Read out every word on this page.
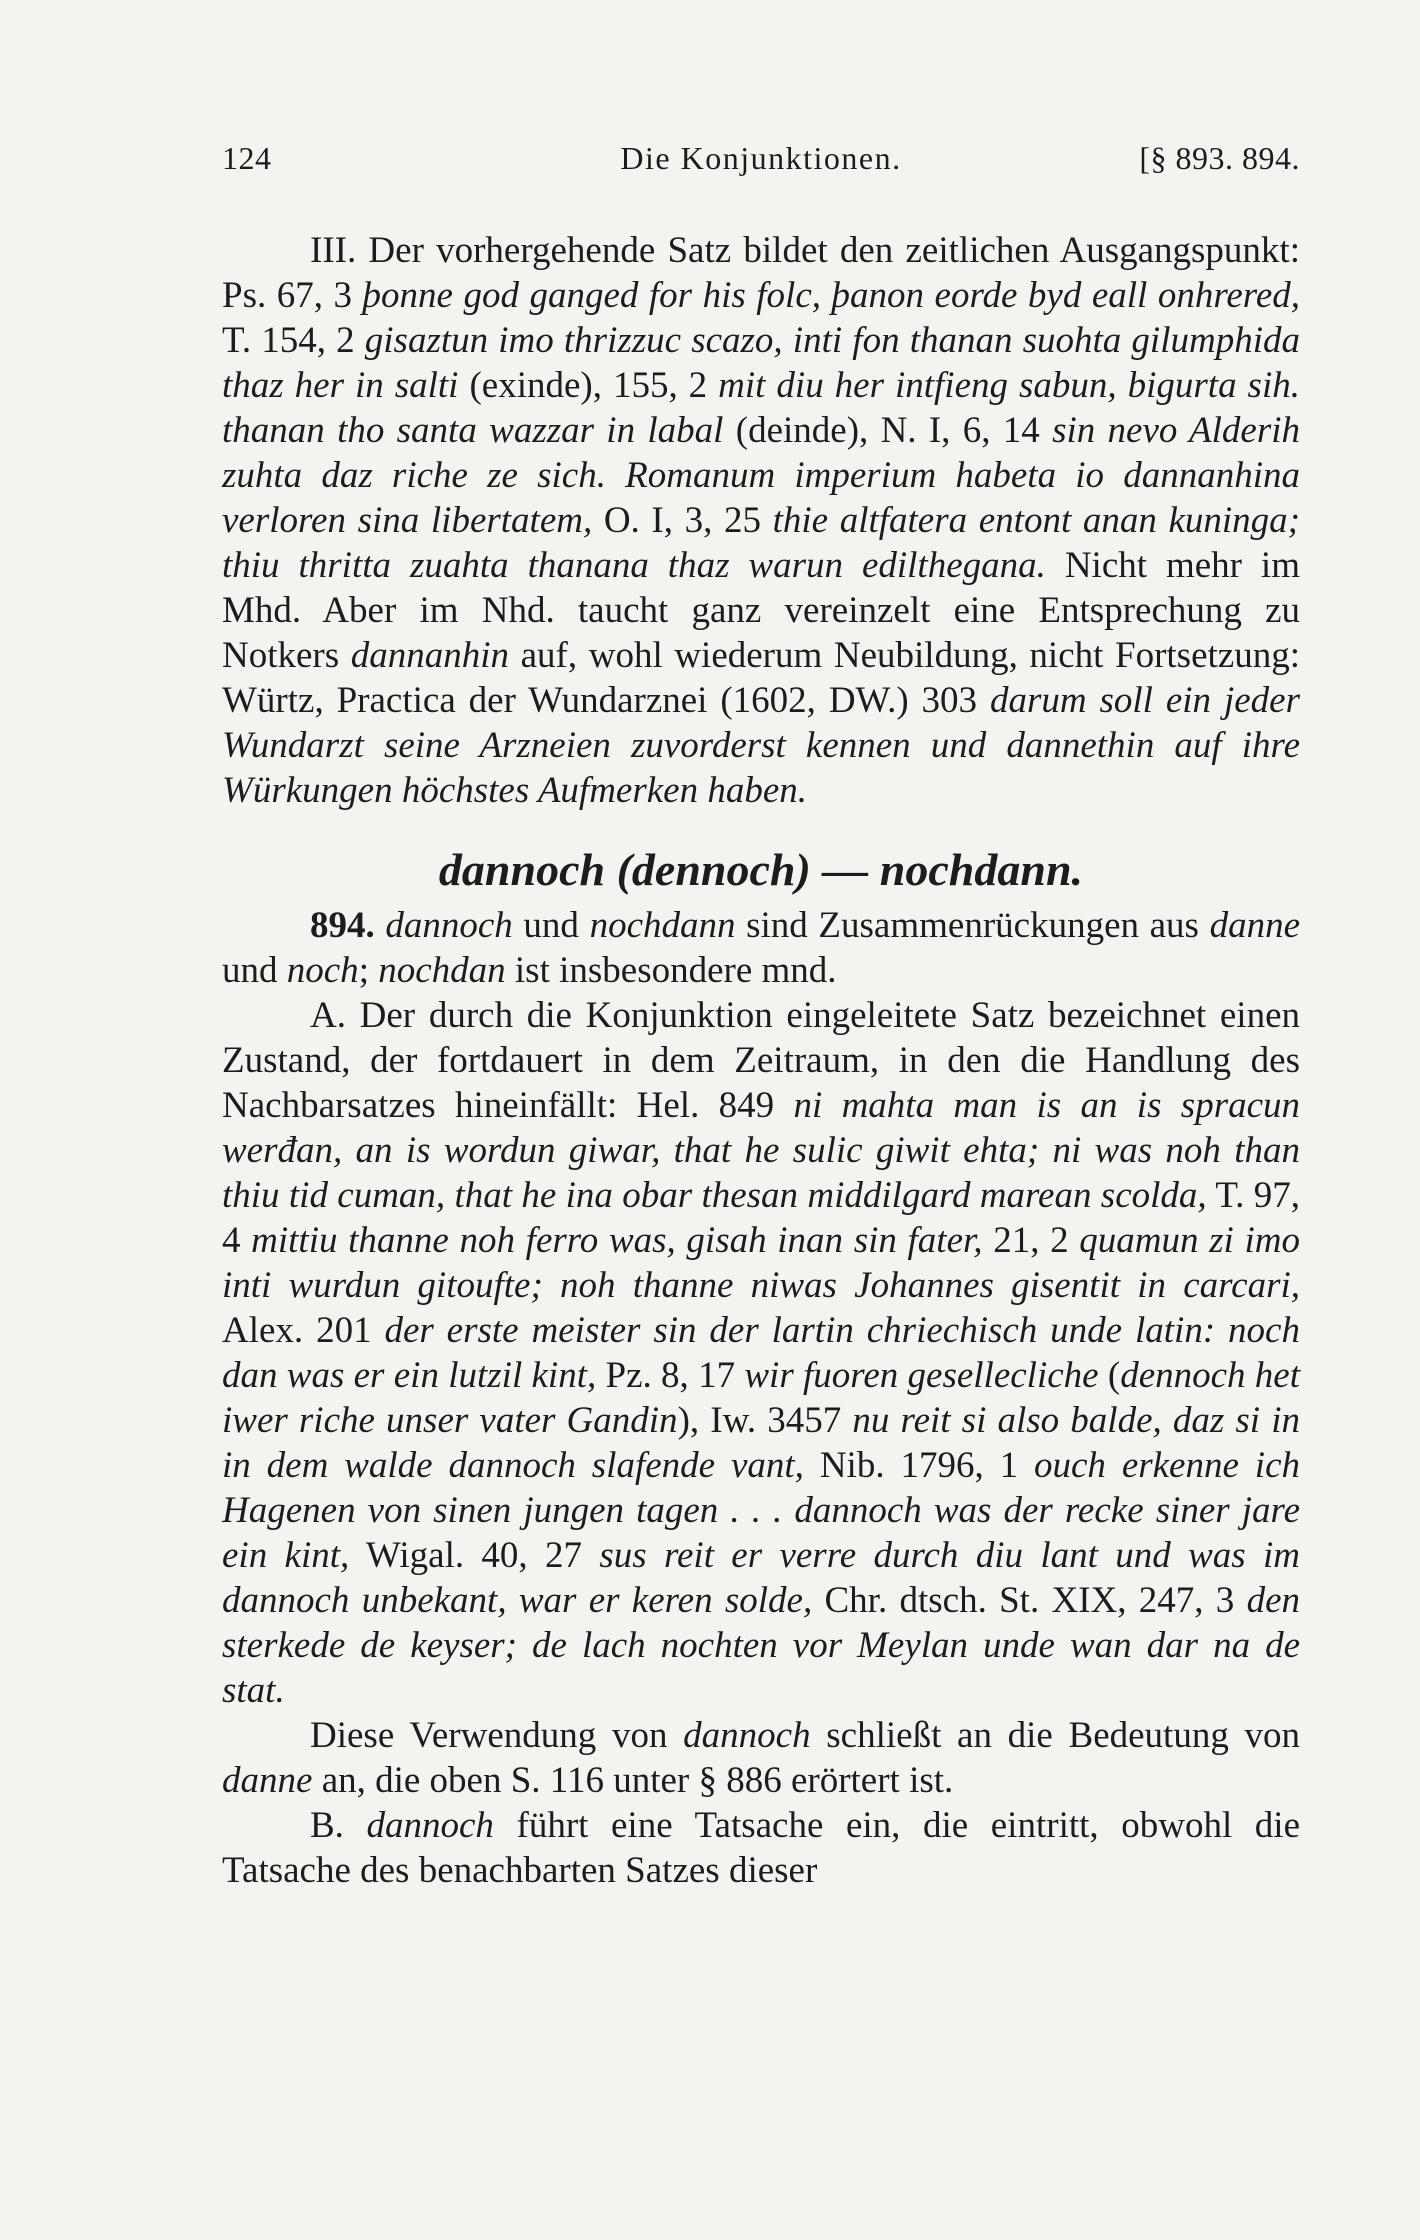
124	Die Konjunktionen.	[§ 893. 894.

III. Der vorhergehende Satz bildet den zeitlichen Ausgangspunkt: Ps. 67, 3 þonne god ganged for his folc, þanon eorde byd eall onhrered, T. 154, 2 gisaztun imo thrizzuc scazo, inti fon thanan suohta gilumphida thaz her in salti (exinde), 155, 2 mit diu her intfieng sabun, bigurta sih. thanan tho santa wazzar in labal (deinde), N. I, 6, 14 sin nevo Alderih zuhta daz riche ze sich. Romanum imperium habeta io dannanhina verloren sina libertatem, O. I, 3, 25 thie altfatera entont anan kuninga; thiu thritta zuahta thanana thaz warun edilthegana. Nicht mehr im Mhd. Aber im Nhd. taucht ganz vereinzelt eine Entsprechung zu Notkers dannanhin auf, wohl wiederum Neubildung, nicht Fortsetzung: Würtz, Practica der Wundarznei (1602, DW.) 303 darum soll ein jeder Wundarzt seine Arzneien zuvorderst kennen und dannethin auf ihre Würkungen höchstes Aufmerken haben.

dannoch (dennoch) — nochdann.

894. dannoch und nochdann sind Zusammenrückungen aus danne und noch; nochdan ist insbesondere mnd.

A. Der durch die Konjunktion eingeleitete Satz bezeichnet einen Zustand, der fortdauert in dem Zeitraum, in den die Handlung des Nachbarsatzes hineinfällt: Hel. 849 ni mahta man is an is spracun werđan, an is wordun giwar, that he sulic giwit ehta; ni was noh than thiu tid cuman, that he ina obar thesan middilgard marean scolda, T. 97, 4 mittiu thanne noh ferro was, gisah inan sin fater, 21, 2 quamun zi imo inti wurdun gitoufte; noh thanne niwas Johannes gisentit in carcari, Alex. 201 der erste meister sin der lartin chriechisch unde latin: noch dan was er ein lutzil kint, Pz. 8, 17 wir fuoren gesellecliche (dennoch het iwer riche unser vater Gandin), Iw. 3457 nu reit si also balde, daz si in in dem walde dannoch slafende vant, Nib. 1796, 1 ouch erkenne ich Hagenen von sinen jungen tagen . . . dannoch was der recke siner jare ein kint, Wigal. 40, 27 sus reit er verre durch diu lant und was im dannoch unbekant, war er keren solde, Chr. dtsch. St. XIX, 247, 3 den sterkede de keyser; de lach nochten vor Meylan unde wan dar na de stat.

Diese Verwendung von dannoch schließt an die Bedeutung von danne an, die oben S. 116 unter § 886 erörtert ist.

B. dannoch führt eine Tatsache ein, die eintritt, obwohl die Tatsache des benachbarten Satzes dieser
